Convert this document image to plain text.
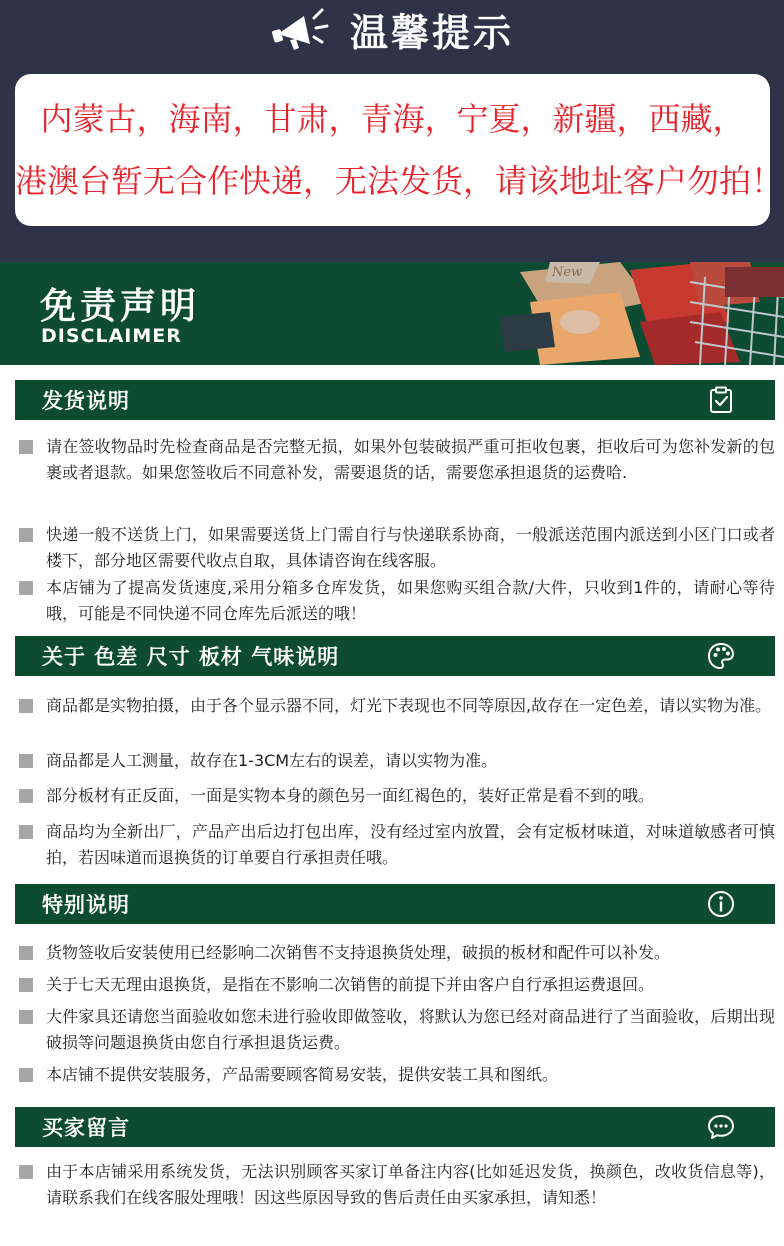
温馨提示
内蒙古，海南，甘肃，青海，宁夏，新疆，西藏，
港澳台暂无合作快递，无法发货，请该地址客户勿拍！
免责声明
DISCLAIMER
New
发货说明
请在签收物品时先检查商品是否完整无损，如果外包装破损严重可拒收包裹，拒收后可为您补发新的包裹或者退款。如果您签收后不同意补发，需要退货的话，需要您承担退货的运费哈.
快递一般不送货上门，如果需要送货上门需自行与快递联系协商，一般派送范围内派送到小区门口或者楼下，部分地区需要代收点自取，具体请咨询在线客服。
本店铺为了提高发货速度,采用分箱多仓库发货，如果您购买组合款/大件，只收到1件的，请耐心等待哦，可能是不同快递不同仓库先后派送的哦！
关于 色差 尺寸 板材 气味说明
商品都是实物拍摄，由于各个显示器不同，灯光下表现也不同等原因,故存在一定色差，请以实物为准。
商品都是人工测量，故存在1-3CM左右的误差，请以实物为准。
部分板材有正反面，一面是实物本身的颜色另一面红褐色的，装好正常是看不到的哦。
商品均为全新出厂，产品产出后边打包出库，没有经过室内放置，会有定板材味道，对味道敏感者可慎拍，若因味道而退换货的订单要自行承担责任哦。
特别说明
货物签收后安装使用已经影响二次销售不支持退换货处理，破损的板材和配件可以补发。
关于七天无理由退换货，是指在不影响二次销售的前提下并由客户自行承担运费退回。
大件家具还请您当面验收如您未进行验收即做签收，将默认为您已经对商品进行了当面验收，后期出现破损等问题退换货由您自行承担退货运费。
本店铺不提供安装服务，产品需要顾客简易安装，提供安装工具和图纸。
买家留言
由于本店铺采用系统发货，无法识别顾客买家订单备注内容(比如延迟发货，换颜色，改收货信息等)，请联系我们在线客服处理哦！因这些原因导致的售后责任由买家承担，请知悉！
